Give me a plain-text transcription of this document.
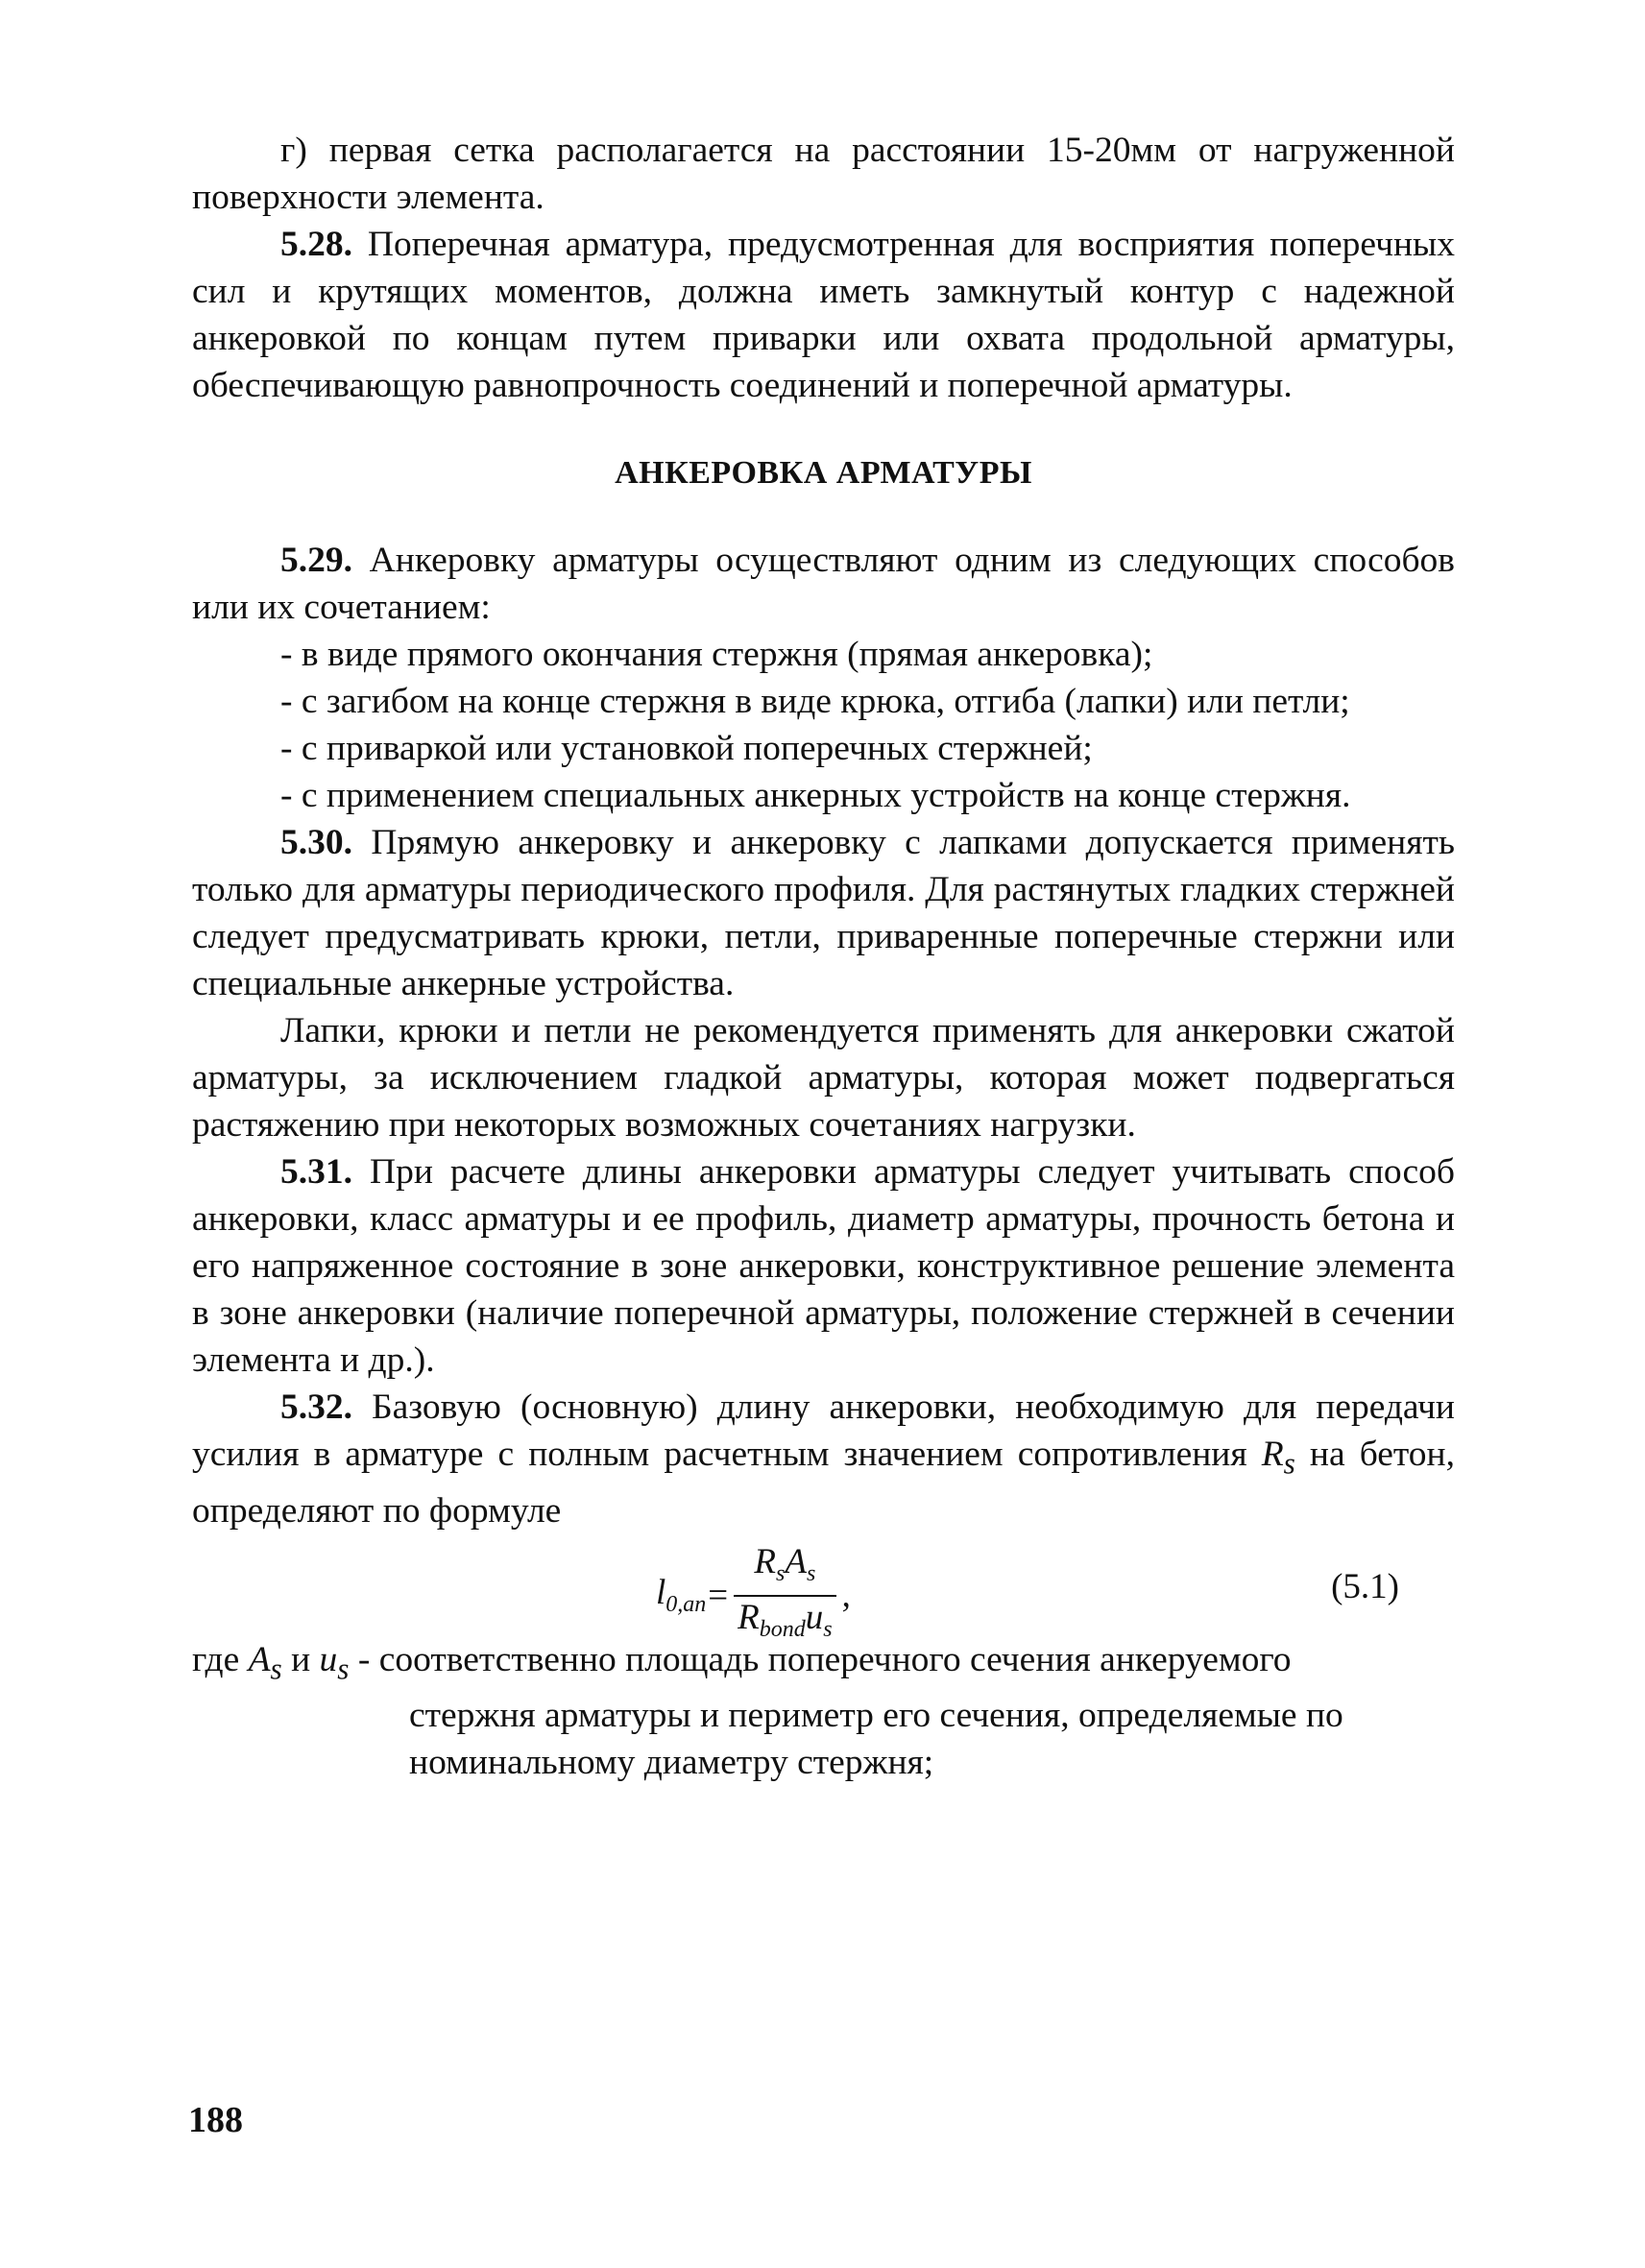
г) первая сетка располагается на расстоянии 15-20мм от нагруженной поверхности элемента.

5.28. Поперечная арматура, предусмотренная для восприятия поперечных сил и крутящих моментов, должна иметь замкнутый контур с надежной анкеровкой по концам путем приварки или охвата продольной арматуры, обеспечивающую равнопрочность соединений и поперечной арматуры.

АНКЕРОВКА АРМАТУРЫ

5.29. Анкеровку арматуры осуществляют одним из следующих способов или их сочетанием:

- в виде прямого окончания стержня (прямая анкеровка);

- с загибом на конце стержня в виде крюка, отгиба (лапки) или петли;

- с приваркой или установкой поперечных стержней;

- с применением специальных анкерных устройств на конце стержня.

5.30. Прямую анкеровку и анкеровку с лапками допускается применять только для арматуры периодического профиля. Для растянутых гладких стержней следует предусматривать крюки, петли, приваренные поперечные стержни или специальные анкерные устройства.

Лапки, крюки и петли не рекомендуется применять для анкеровки сжатой арматуры, за исключением гладкой арматуры, которая может подвергаться растяжению при некоторых возможных сочетаниях нагрузки.

5.31. При расчете длины анкеровки арматуры следует учитывать способ анкеровки, класс арматуры и ее профиль, диаметр арматуры, прочность бетона и его напряженное состояние в зоне анкеровки, конструктивное решение элемента в зоне анкеровки (наличие поперечной арматуры, положение стержней в сечении элемента и др.).

5.32. Базовую (основную) длину анкеровки, необходимую для передачи усилия в арматуре с полным расчетным значением сопротивления $R_s$ на бетон, определяют по формуле

$l_{0,an} = \frac{R_sA_s}{R_{bond}u_s}$ ,	(5.1)

где $A_s$ и $u_s$ - соответственно площадь поперечного сечения анкеруемого

стержня арматуры и периметр его сечения, определяемые по номинальному диаметру стержня;

188
